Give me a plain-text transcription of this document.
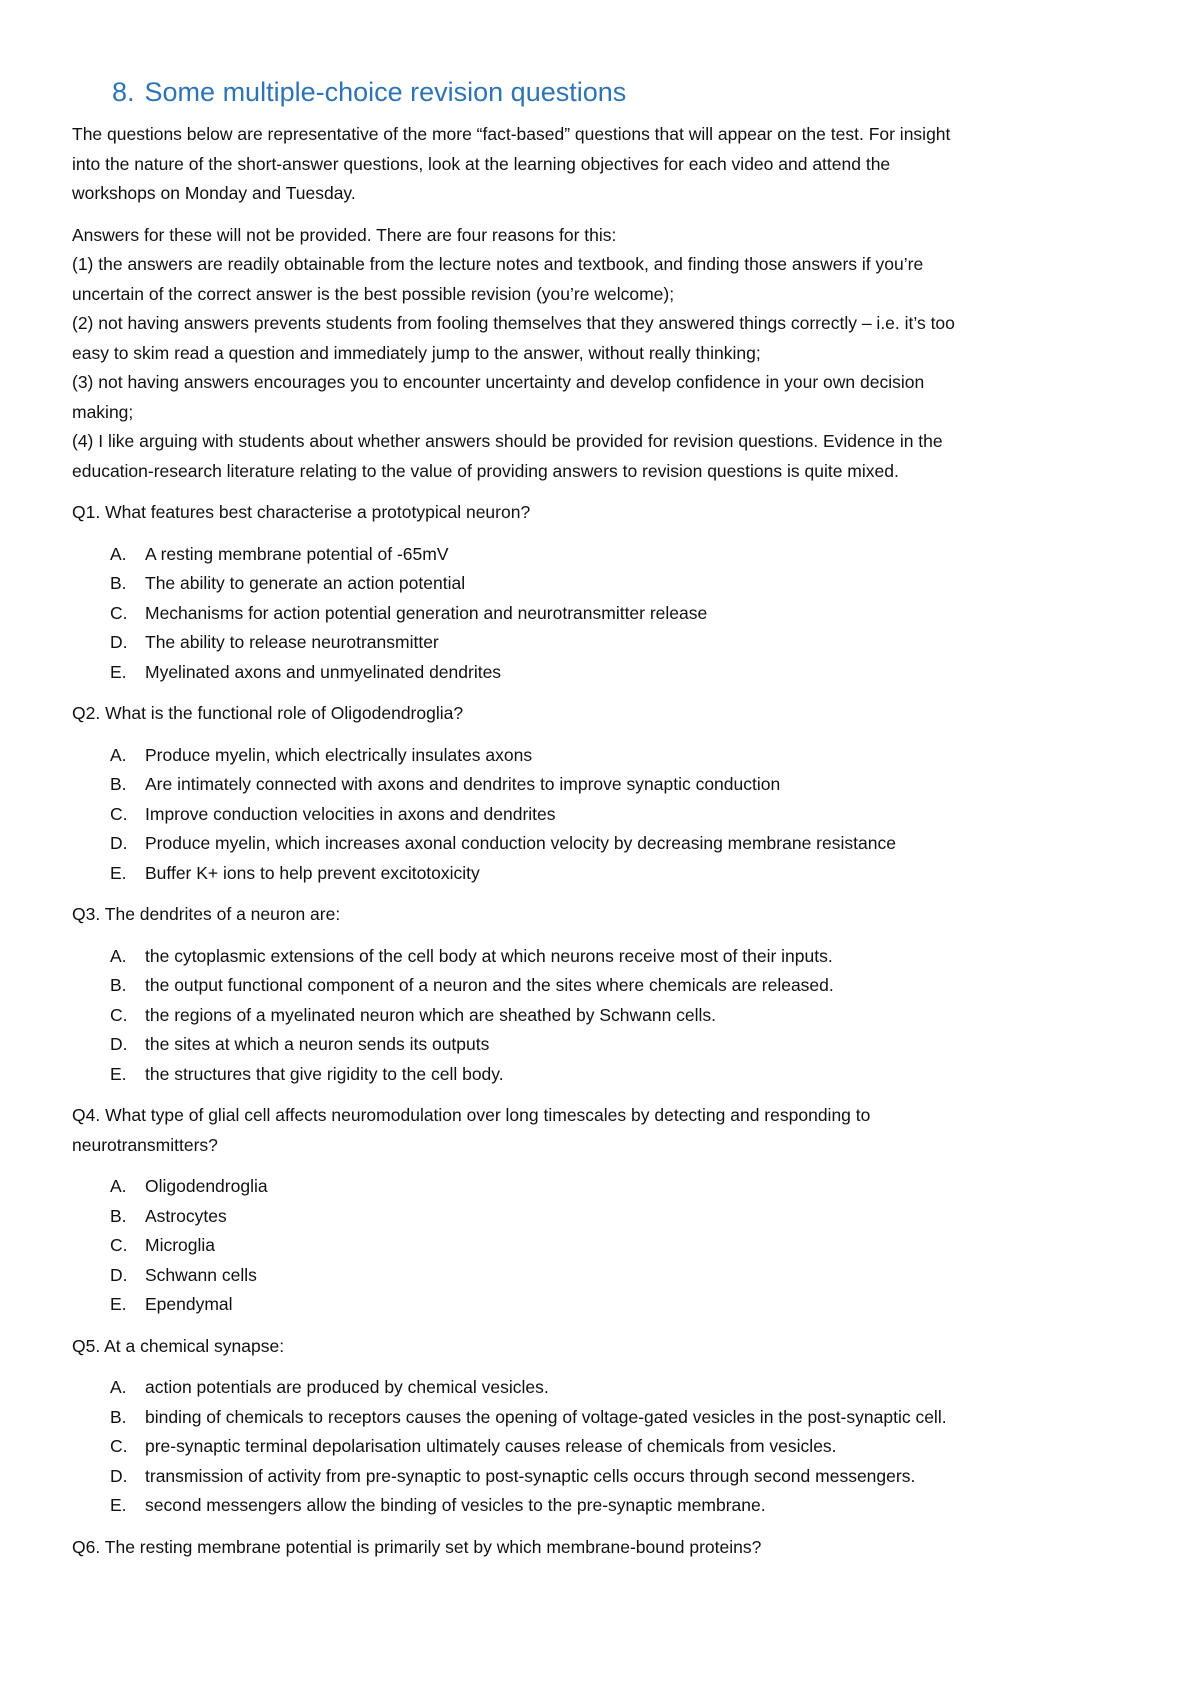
8. Some multiple-choice revision questions

The questions below are representative of the more “fact-based” questions that will appear on the test. For insight
into the nature of the short-answer questions, look at the learning objectives for each video and attend the
workshops on Monday and Tuesday.

Answers for these will not be provided. There are four reasons for this:
(1) the answers are readily obtainable from the lecture notes and textbook, and finding those answers if you’re
uncertain of the correct answer is the best possible revision (you’re welcome);
(2) not having answers prevents students from fooling themselves that they answered things correctly – i.e. it’s too
easy to skim read a question and immediately jump to the answer, without really thinking;
(3) not having answers encourages you to encounter uncertainty and develop confidence in your own decision
making;
(4) I like arguing with students about whether answers should be provided for revision questions. Evidence in the
education-research literature relating to the value of providing answers to revision questions is quite mixed.

Q1. What features best characterise a prototypical neuron?

A.	A resting membrane potential of -65mV
B.	The ability to generate an action potential
C.	Mechanisms for action potential generation and neurotransmitter release
D.	The ability to release neurotransmitter
E.	Myelinated axons and unmyelinated dendrites

Q2. What is the functional role of Oligodendroglia?

A.	Produce myelin, which electrically insulates axons
B.	Are intimately connected with axons and dendrites to improve synaptic conduction
C.	Improve conduction velocities in axons and dendrites
D.	Produce myelin, which increases axonal conduction velocity by decreasing membrane resistance
E.	Buffer K+ ions to help prevent excitotoxicity

Q3. The dendrites of a neuron are:

A.	the cytoplasmic extensions of the cell body at which neurons receive most of their inputs.
B.	the output functional component of a neuron and the sites where chemicals are released.
C.	the regions of a myelinated neuron which are sheathed by Schwann cells.
D.	the sites at which a neuron sends its outputs
E.	the structures that give rigidity to the cell body.

Q4. What type of glial cell affects neuromodulation over long timescales by detecting and responding to
neurotransmitters?

A.	Oligodendroglia
B.	Astrocytes
C.	Microglia
D.	Schwann cells
E.	Ependymal

Q5. At a chemical synapse:

A.	action potentials are produced by chemical vesicles.
B.	binding of chemicals to receptors causes the opening of voltage-gated vesicles in the post-synaptic cell.
C.	pre-synaptic terminal depolarisation ultimately causes release of chemicals from vesicles.
D.	transmission of activity from pre-synaptic to post-synaptic cells occurs through second messengers.
E.	second messengers allow the binding of vesicles to the pre-synaptic membrane.

Q6. The resting membrane potential is primarily set by which membrane-bound proteins?
